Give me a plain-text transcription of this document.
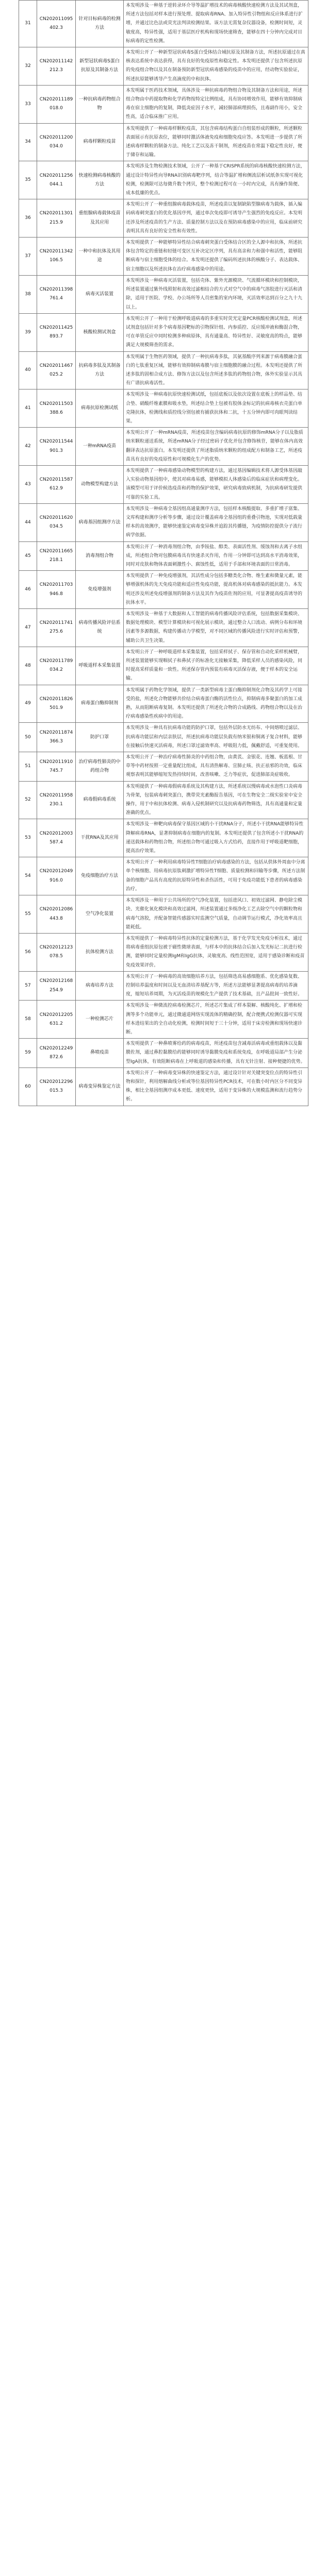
31	CN202011095402.3	针对目标病毒的检测方法	本发明涉及一种基于逆转录环介导等温扩增技术的病毒核酸快速检测方法及其试剂盒，所述方法包括对样本进行预处理、提取病毒RNA、加入特异性引物组和反应体系进行扩增，并通过比色法或荧光法判读检测结果。该方法无需复杂仪器设备，检测时间短，灵敏度高，特异性强，适用于基层医疗机构和现场快速筛查，能够在四十分钟内完成对目标病毒的定性检测。
32	CN202011142212.3	新型冠状病毒S蛋白抗原及其制备方法	本发明公开了一种新型冠状病毒S蛋白受体结合域抗原及其制备方法，所述抗原通过在真核表达系统中表达获得，具有良好的免疫原性和稳定性。本发明还提供了包含所述抗原的免疫组合物以及其在制备预防新型冠状病毒感染的疫苗中的应用，经动物实验验证，所述抗原能够诱导产生高滴度的中和抗体。
33	CN202011189018.0	一种抗病毒药物组合物	本发明属于医药技术领域，具体涉及一种抗病毒药物组合物及其制备方法和用途，所述组合物由中药提取物和化学药物按特定比例组成，具有协同增效作用，能够有效抑制病毒在宿主细胞内的复制，降低炎症因子水平，减轻肺部病理损伤，且毒副作用小，安全性高，适合临床推广应用。
34	CN202011200034.0	病毒样颗粒疫苗	本发明提供了一种病毒样颗粒疫苗，其包含病毒结构蛋白自组装形成的颗粒，所述颗粒表面展示有抗原表位，能够同时激活体液免疫和细胞免疫应答。本发明进一步提供了所述病毒样颗粒的制备方法、纯化工艺以及冻干制剂，所述疫苗在常温下稳定性良好，便于储存和运输。
35	CN202011256044.1	快速检测病毒核酸的方法	本发明涉及生物检测技术领域，公开了一种基于CRISPR系统的病毒核酸快速检测方法，通过设计特异性向导RNA识别病毒靶序列，结合等温扩增和侧流层析试纸条实现可视化检测，检测限可达每微升数个拷贝，整个检测过程可在一小时内完成，具有操作简便、成本低廉的优点。
36	CN202011301215.9	重组腺病毒载体疫苗及其应用	本发明公开了一种重组腺病毒载体疫苗，所述疫苗以复制缺陷型腺病毒为载体，插入编码病毒刺突蛋白的优化基因序列，通过单次免疫即可诱导产生强烈的免疫反应。本发明还涉及所述疫苗的生产方法、质量控制方法以及在预防病毒感染中的应用，临床前研究表明其具有良好的安全性和有效性。
37	CN202011342106.5	一种中和抗体及其用途	本发明提供了一种能够特异性结合病毒刺突蛋白受体结合区的全人源中和抗体，所述抗体包含特定的重链和轻链可变区互补决定区序列，具有高亲和力和强中和活性，能够阻断病毒与宿主细胞受体的结合。本发明还提供了编码所述抗体的核酸分子、表达载体、宿主细胞以及所述抗体在治疗病毒感染中的用途。
38	CN202011398761.4	病毒灭活装置	本发明涉及一种病毒灭活装置，包括壳体、紫外光源模块、气流循环模块和控制模块，所述装置通过紫外线照射和高效过滤相结合的方式对空气中的病毒气溶胶进行灭活和清除，适用于医院、学校、办公场所等人员密集的室内环境，灭活效率达到百分之九十九以上。
39	CN202011425893.7	核酸检测试剂盒	本发明公开了一种用于检测呼吸道病毒的多重实时荧光定量PCR核酸检测试剂盒，所述试剂盒包括针对多个病毒基因靶标的引物探针组、内参质控、反应缓冲液和酶混合物，可在单管反应中同时检测多种病原体，具有通量高、特异性好、灵敏度高的特点，能够满足大规模筛查的需求。
40	CN202011467025.2	抗病毒多肽及其制备方法	本发明属于生物医药领域，提供了一种抗病毒多肽，其氨基酸序列来源于病毒膜融合蛋白的七肽重复区域，能够有效抑制病毒膜与宿主细胞膜的融合过程。本发明还提供了所述多肽的固相合成方法、修饰方法以及包含所述多肽的药物组合物，体外实验显示其具有广谱抗病毒活性。
41	CN202011503388.6	病毒抗原检测试纸	本发明涉及一种病毒抗原快速检测试纸，包括底板以及依次设置在底板上的样品垫、结合垫、硝酸纤维素膜和吸水垫，所述结合垫上包被有胶体金标记的抗病毒核衣壳蛋白单克隆抗体，检测线和质控线分别包被有捕获抗体和二抗，十五分钟内即可肉眼判读结果。
42	CN202011544901.3	一种mRNA疫苗	本发明公开了一种mRNA疫苗，所述疫苗包含编码病毒抗原的修饰mRNA分子以及脂质纳米颗粒递送系统，所述mRNA分子经过密码子优化并包含修饰核苷，能够在体内高效翻译表达抗原蛋白。本发明还提供了所述脂质纳米颗粒的组成配方和制备工艺，所述疫苗具有良好的免疫原性和可规模化生产的优势。
43	CN202011587612.9	动物模型构建方法	本发明提供了一种病毒感染动物模型的构建方法，通过基因编辑技术将人源受体基因敲入实验动物基因组中，使其对病毒易感，能够模拟人体感染后的临床症状和病理变化。该模型可用于评价候选疫苗和药物的保护效果，研究病毒致病机制，为抗病毒研发提供可靠的实验工具。
44	CN202011620034.5	病毒基因组测序方法	本发明涉及一种病毒全基因组高通量测序方法，包括样本核酸提取、多重扩增子富集、文库构建和测序分析等步骤，通过设计覆盖病毒全基因组的重叠引物池，实现对低载量样本的高效测序，能够快速鉴定病毒变异株并追踪其传播链，为疫情防控提供分子流行病学依据。
45	CN202011665218.1	消毒剂组合物	本发明公开了一种消毒剂组合物，由季铵盐、醇类、表面活性剂、缓蚀剂和去离子水组成，所述组合物对包膜病毒具有快速杀灭作用，作用一分钟即可达到高水平消毒效果，同时对皮肤和物体表面刺激性小、腐蚀性低，适用于手部和环境表面的日常消毒。
46	CN202011703946.8	免疫增强剂	本发明提供了一种免疫增强剂，其活性成分包括多糖类化合物、维生素和微量元素，能够增强机体的先天免疫功能和适应性免疫功能，提高机体对病毒感染的抵抗能力。本发明还涉及所述免疫增强剂的制备方法及其作为疫苗佐剂的应用，可显著提高疫苗诱导的抗体水平。
47	CN202011741275.6	病毒传播风险评估系统	本发明涉及一种基于大数据和人工智能的病毒传播风险评估系统，包括数据采集模块、数据处理模块、模型计算模块和可视化展示模块，通过整合人口流动、病例分布和环境因素等多源数据，构建传播动力学模型，对不同区域的传播风险进行实时评估和预警，辅助公共卫生决策。
48	CN202011789034.2	呼吸道样本采集装置	本发明公开了一种呼吸道样本采集装置，包括采样拭子、保存管和自动化采样机械臂，所述装置能够实现咽拭子和鼻拭子的标准化无接触采集，降低采样人员的感染风险，同时提高采样质量和一致性。所述保存管内预装有病毒灭活保存液，便于样本的安全运输。
49	CN202011826501.9	病毒蛋白酶抑制剂	本发明属于药物化学领域，提供了一类新型病毒主蛋白酶抑制剂化合物及其药学上可接受的盐，所述化合物能够共价结合病毒蛋白酶的活性位点，抑制病毒多聚蛋白的加工成熟，从而阻断病毒复制。本发明还提供了所述化合物的合成路线、药物组合物以及在治疗病毒感染性疾病中的用途。
50	CN202011874366.3	防护口罩	本发明涉及一种具有抗病毒功能的防护口罩，包括外层防水无纺布、中间熔喷过滤层、抗病毒功能层和内层亲肤层，所述抗病毒功能层负载有纳米银和铜离子复合材料，能够在接触后快速灭活病毒，所述口罩过滤效率高、呼吸阻力低，佩戴舒适，可重复使用。
51	CN202011910745.7	治疗病毒性肺炎的中药组合物	本发明公开了一种治疗病毒性肺炎的中药组合物，由黄芪、金银花、连翘、板蓝根、甘草等中药材按照一定重量配比组成，具有清热解毒、宣肺止咳、扶正祛邪的功效，临床观察表明其能够缩短发热持续时间，改善咳嗽、乏力等症状，促进肺部炎症吸收。
52	CN202011958230.1	病毒假病毒系统	本发明提供了一种病毒假病毒系统及其构建方法，所述系统以慢病毒或水泡性口炎病毒为骨架，包装病毒刺突蛋白，携带荧光素酶报告基因，可在生物安全二级实验室中安全操作，用于中和抗体检测、病毒入侵机制研究以及抗病毒药物筛选，具有高通量和定量准确的优点。
53	CN202012003587.4	干扰RNA及其应用	本发明涉及一种靶向病毒保守基因区域的小干扰RNA分子，所述小干扰RNA能够特异性降解病毒RNA，显著抑制病毒在细胞内的复制。本发明还提供了包含所述小干扰RNA的递送载体和药物组合物，所述组合物可通过吸入方式给药，直接作用于呼吸道靶细胞，提高治疗效果。
54	CN202012049916.0	免疫细胞治疗方法	本发明公开了一种利用病毒特异性T细胞治疗病毒感染的方法，包括从供体外周血中分离单个核细胞、用病毒抗原肽刺激扩增特异性T细胞、质量检测和回输等步骤，所述方法制备的细胞产品具有高度的抗原特异性和杀伤活性，可用于免疫功能低下患者的病毒感染治疗。
55	CN202012086443.8	空气净化装置	本发明涉及一种用于公共场所的空气净化装置，包括进风口、初效过滤网、静电除尘模块、光催化氧化模块和高效过滤网，所述装置通过多级净化工艺去除空气中的颗粒物和病毒气溶胶，并配备智能传感器实时监测空气质量，自动调节运行模式，净化效率高且能耗低。
56	CN202012123078.5	抗体检测方法	本发明提供了一种病毒特异性抗体的定量检测方法，基于化学发光免疫分析技术，通过将病毒重组抗原包被于磁性微球表面，与样本中的抗体结合后加入发光标记二抗进行检测，能够同时定量检测IgM和IgG抗体，灵敏度高、线性范围宽，适用于感染诊断和疫苗免疫效果评价。
57	CN202012168254.9	病毒培养方法	本发明公开了一种病毒的高效细胞培养方法，包括筛选高易感细胞系、优化感染复数、控制培养温度和时间以及无血清培养基配方等，所述方法能够显著提高病毒的培养滴度，缩短培养周期，为灭活疫苗的规模化生产提供了技术基础，且产品批间一致性好。
58	CN202012205631.2	一种检测芯片	本发明涉及一种微流控病毒检测芯片，所述芯片集成了样本裂解、核酸纯化、扩增和检测等多个功能单元，通过微通道网络实现流体的精确控制，配合便携式检测仪器可实现样本进结果出的全自动化检测，检测时间短于三十分钟，适用于床旁检测和现场快速诊断。
59	CN202012249872.6	鼻喷疫苗	本发明提供了一种鼻喷雾给药的病毒疫苗，所述疫苗包含减毒活病毒或重组载体以及黏膜佐剂，通过鼻腔黏膜给药能够同时诱导黏膜免疫和系统免疫，在呼吸道局部产生分泌型IgA抗体，有效阻断病毒在上呼吸道的感染和传播，具有无针注射、接种便捷的优势。
60	CN202012296015.3	病毒变异株鉴定方法	本发明公开了一种病毒变异株的快速鉴定方法，通过设计针对关键突变位点的特异性引物和探针，利用熔解曲线分析或等位基因特异性PCR技术，可在数小时内区分不同变异株，相比全基因组测序成本更低、速度更快，适用于变异株的大规模监测和流行趋势分析。
